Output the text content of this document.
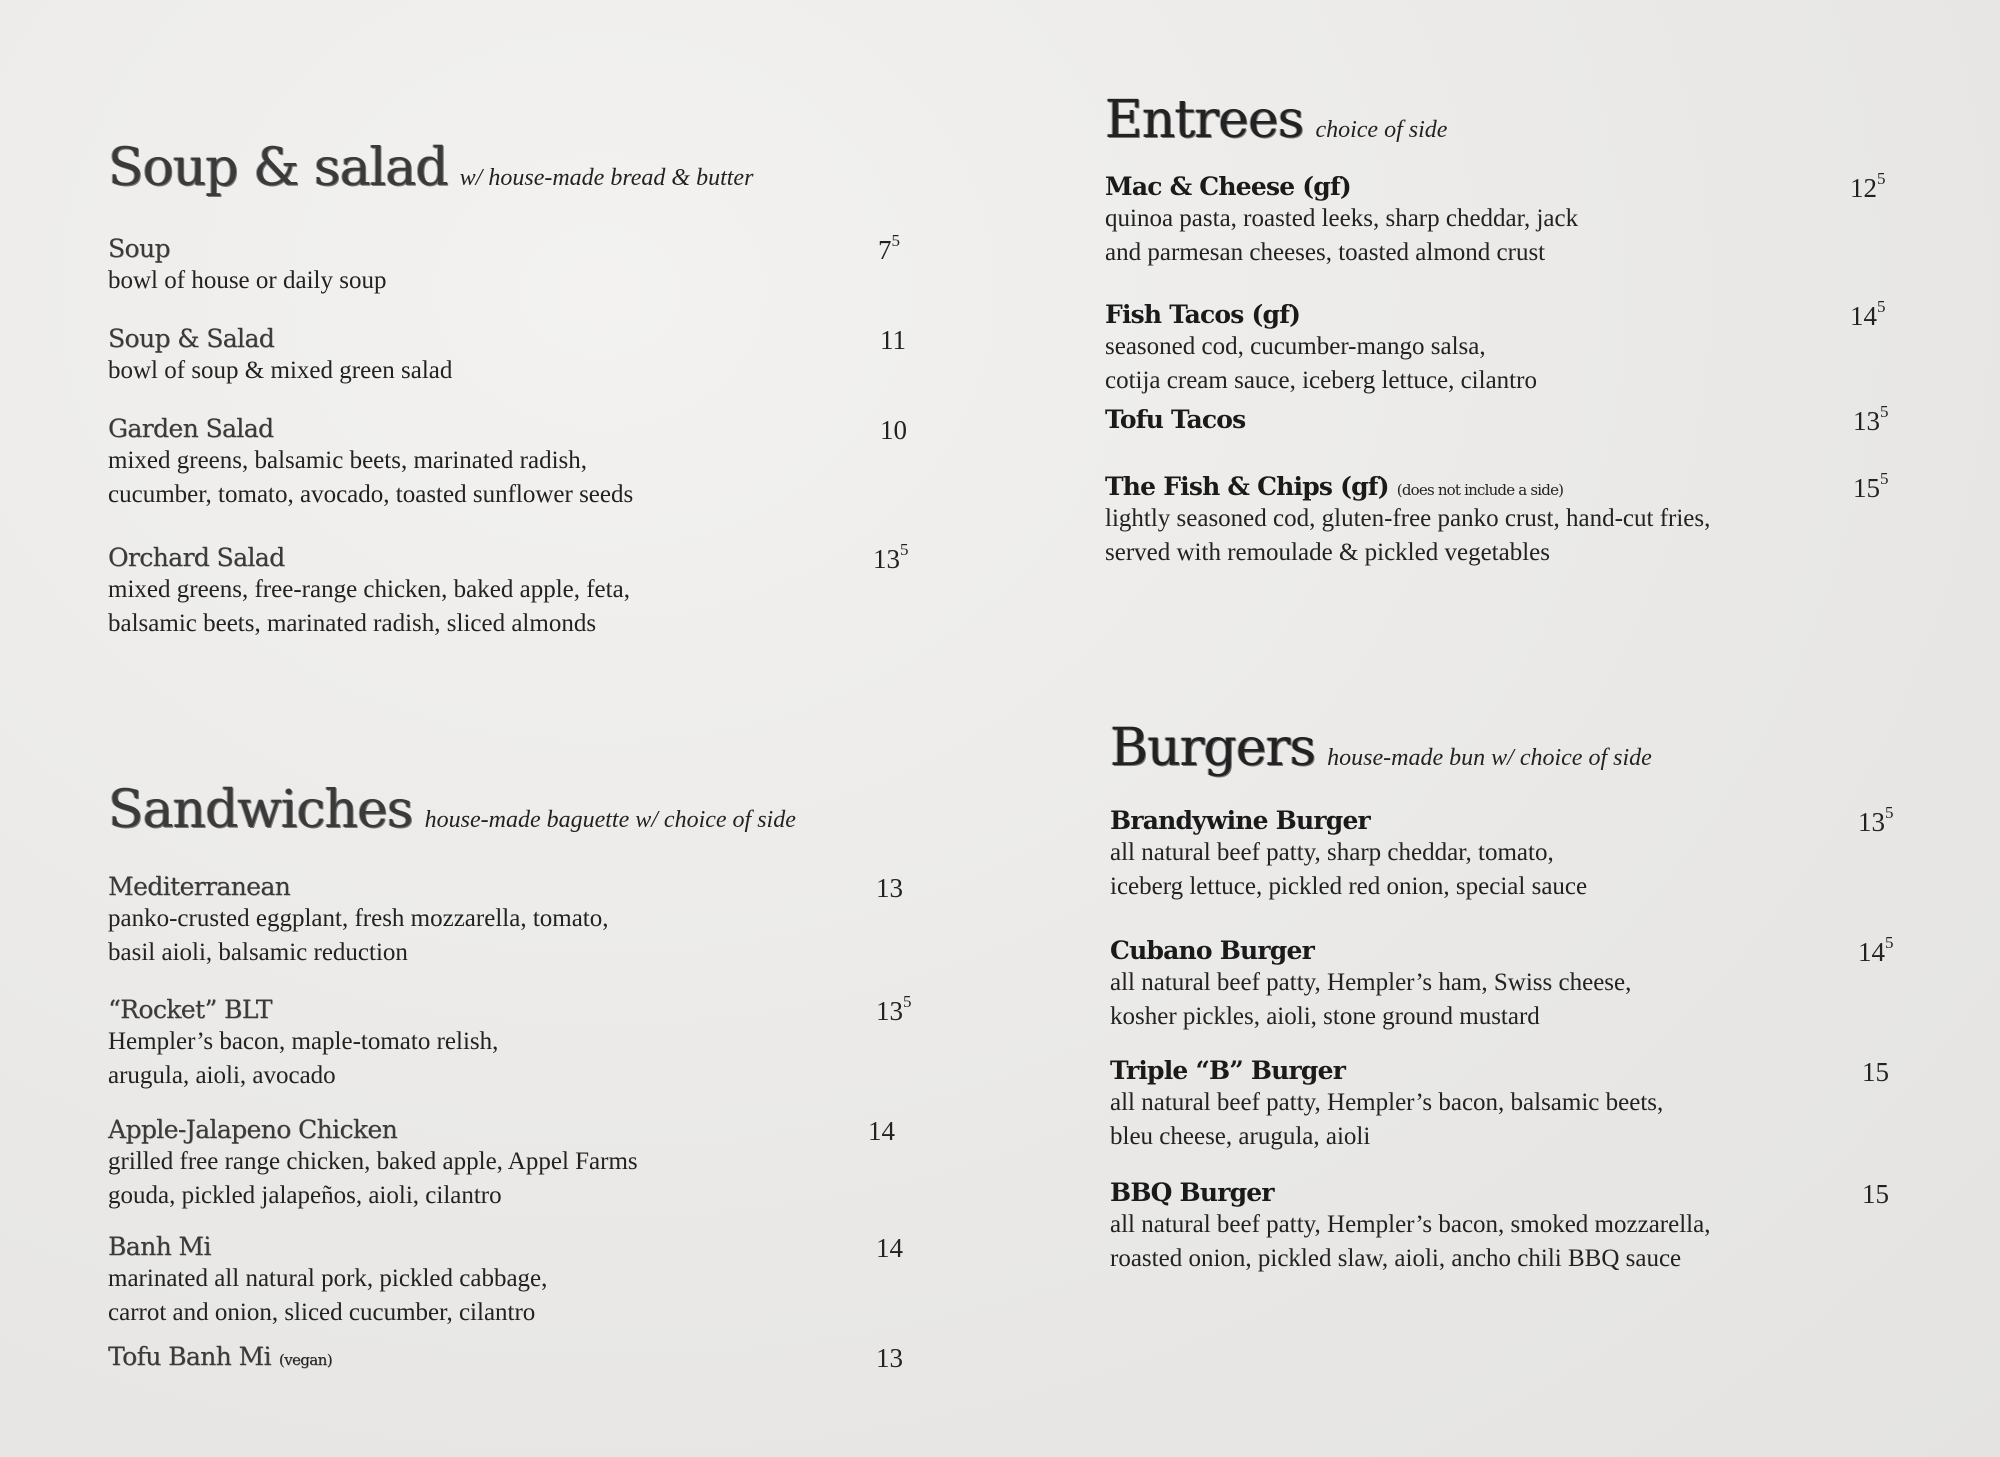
Soup & salad w/ house-made bread & butter
Soup
bowl of house or daily soup
$7^5$
Soup & Salad
bowl of soup & mixed green salad
11
Garden Salad
mixed greens, balsamic beets, marinated radish,
cucumber, tomato, avocado, toasted sunflower seeds
10
Orchard Salad
mixed greens, free-range chicken, baked apple, feta,
balsamic beets, marinated radish, sliced almonds
$13^5$
Sandwiches house-made baguette w/ choice of side
Mediterranean
panko-crusted eggplant, fresh mozzarella, tomato,
basil aioli, balsamic reduction
13
“Rocket” BLT
Hempler’s bacon, maple-tomato relish,
arugula, aioli, avocado
$13^5$
Apple-Jalapeno Chicken
grilled free range chicken, baked apple, Appel Farms
gouda, pickled jalapeños, aioli, cilantro
14
Banh Mi
marinated all natural pork, pickled cabbage,
carrot and onion, sliced cucumber, cilantro
14
Tofu Banh Mi (vegan)	13
Entrees choice of side
Mac & Cheese (gf)
quinoa pasta, roasted leeks, sharp cheddar, jack
and parmesan cheeses, toasted almond crust
$12^5$
Fish Tacos (gf)
seasoned cod, cucumber-mango salsa,
cotija cream sauce, iceberg lettuce, cilantro
$14^5$
Tofu Tacos	$13^5$
The Fish & Chips (gf) (does not include a side)
lightly seasoned cod, gluten-free panko crust, hand-cut fries,
served with remoulade & pickled vegetables
$15^5$
Burgers house-made bun w/ choice of side
Brandywine Burger
all natural beef patty, sharp cheddar, tomato,
iceberg lettuce, pickled red onion, special sauce
$13^5$
Cubano Burger
all natural beef patty, Hempler’s ham, Swiss cheese,
kosher pickles, aioli, stone ground mustard
$14^5$
Triple “B” Burger
all natural beef patty, Hempler’s bacon, balsamic beets,
bleu cheese, arugula, aioli
15
BBQ Burger
all natural beef patty, Hempler’s bacon, smoked mozzarella,
roasted onion, pickled slaw, aioli, ancho chili BBQ sauce
15
